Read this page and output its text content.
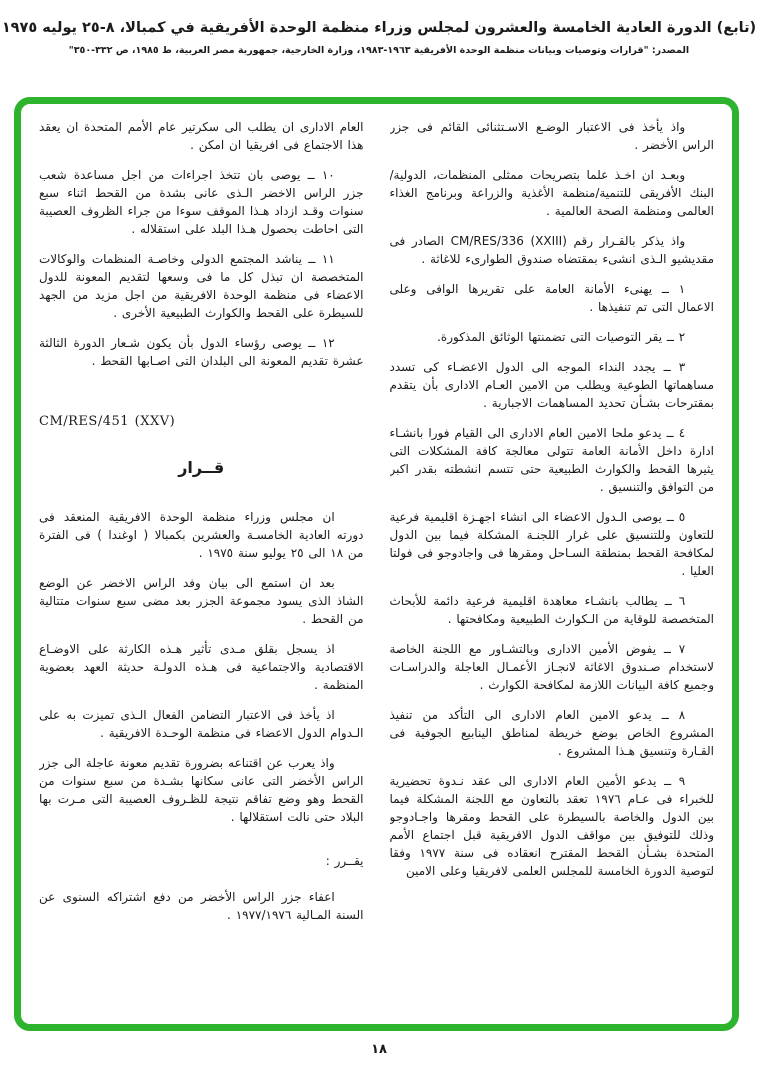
(تابع) الدورة العادية الخامسة والعشرون لمجلس وزراء منظمة الوحدة الأفريقية في كمبالا، ٨-٢٥ يوليه ١٩٧٥
المصدر: "قرارات وتوصيات وبيانات منظمة الوحدة الأفريقية ١٩٦٣-١٩٨٣، وزارة الخارجية، جمهورية مصر العربية، ط ١٩٨٥، ص ٣٣٢-٣٥٠"

واذ يأخذ فى الاعتبار الوضـع الاسـتثنائى القائم فى جزر الراس الأخضر .

وبعـد ان اخـذ علما بتصريحات ممثلى المنظمات، الدولية/البنك الأفريقى للتنمية/منظمة الأغذية والزراعة وبرنامج الغذاء العالمى ومنظمة الصحة العالمية .

واذ يذكر بالقـرار رقم CM/RES/336 (XXIII) الصادر فى مقديشيو الـذى انشىء بمقتضاه صندوق الطوارىء للاغاثة .

١ ــ يهنىء الأمانة العامة على تقريرها الوافى وعلى الاعمال التى تم تنفيذها .

٢ ــ يقر التوصيات التى تضمنتها الوثائق المذكورة.

٣ ــ يجدد النداء الموجه الى الدول الاعضـاء كى تسدد مساهماتها الطوعية ويطلب من الامين العـام الادارى بأن يتقدم بمقترحات بشـأن تحديد المساهمات الاجبارية .

٤ ــ يدعو ملحا الامين العام الادارى الى القيام فورا بانشـاء ادارة داخل الأمانة العامة تتولى معالجة كافة المشكلات التى يثيرها القحط والكوارث الطبيعية حتى تتسم انشطته بقدر اكبر من التوافق والتنسيق .

٥ ــ يوصى الـدول الاعضاء الى انشاء اجهـزة اقليمية فرعية للتعاون وللتنسيق على غرار اللجنـة المشكلة فيما بين الدول لمكافحة القحط بمنطقة السـاحل ومقرها فى واجادوجو فى فولتا العليا .

٦ ــ يطالب بانشـاء معاهدة اقليمية فرعية دائمة للأبحاث المتخصصة للوقاية من الـكوارث الطبيعية ومكافحتها .

٧ ــ يفوض الأمين الادارى وبالتشـاور مع اللجنة الخاصة لاستخدام صـندوق الاغاثة لانجـاز الأعمـال العاجلة والدراسـات وجميع كافة البيانات اللازمة لمكافحة الكوارث .

٨ ــ يدعو الامين العام الادارى الى التأكد من تنفيذ المشروع الخاص بوضع خريطة لمناطق الينابيع الجوفية فى القـارة وتنسيق هـذا المشروع .

٩ ــ يدعو الأمين العام الادارى الى عقد نـدوة تحضيرية للخبراء فى عـام ١٩٧٦ تعقد بالتعاون مع اللجنة المشكلة فيما بين الدول والخاصة بالسيطرة على القحط ومقرها واجـادوجو وذلك للتوفيق بين مواقف الدول الافريقية قبل اجتماع الأمم المتحدة بشـأن القحط المقترح انعقاده فى سنة ١٩٧٧ وفقا لتوصية الدورة الخامسة للمجلس العلمى لافريقيا وعلى الامين

العام الادارى ان يطلب الى سكرتير عام الأمم المتحدة ان يعقد هذا الاجتماع فى افريقيا ان امكن .

١٠ ــ يوصى بان تتخذ اجراءات من اجل مساعدة شعب جزر الراس الاخضر الـذى عانى بشدة من القحط اثناء سبع سنوات وقـد ازداد هـذا الموقف سوءا من جراء الظروف العصيبة التى احاطت بحصول هـذا البلد على استقلاله .

١١ ــ يناشد المجتمع الدولى وخاصـة المنظمات والوكالات المتخصصة ان تبذل كل ما فى وسعها لتقديم المعونة للدول الاعضاء فى منظمة الوحدة الافريقية من اجل مزيد من الجهد للسيطرة على القحط والكوارث الطبيعية الأخرى .

١٢ ــ يوصى رؤساء الدول بأن يكون شـعار الدورة الثالثة عشرة تقديم المعونة الى البلدان التى اصـابها القحط .

CM/RES/451 (XXV)

قــرار

ان مجلس وزراء منظمة الوحدة الافريقية المنعقد فى دورته العادية الخامسـة والعشرين بكمبالا ( اوغندا ) فى الفترة من ١٨ الى ٢٥ يوليو سنة ١٩٧٥ .

بعد ان استمع الى بيان وفد الراس الاخضر عن الوضع الشاذ الذى يسود مجموعة الجزر بعد مضى سبع سنوات متتالية من القحط .

اذ يسجل بقلق مـدى تأثير هـذه الكارثة على الاوضـاع الاقتصادية والاجتماعية فى هـذه الدولـة حديثة العهد بعضوية المنظمة .

اذ يأخذ فى الاعتبار التضامن الفعال الـذى تميزت به على الـدوام الدول الاعضاء فى منظمة الوحـدة الافريقية .

واذ يعرب عن اقتناعه بضرورة تقديم معونة عاجلة الى جزر الراس الأخضر التى عانى سكانها بشـدة من سبع سنوات من القحط وهو وضع تفاقم نتيجة للظـروف العصيبة التى مـرت بها البلاد حتى نالت استقلالها .

يقــرر :

اعفاء جزر الراس الأخضر من دفع اشتراكه السنوى عن السنة المـالية ١٩٧٧/١٩٧٦ .

١٨
